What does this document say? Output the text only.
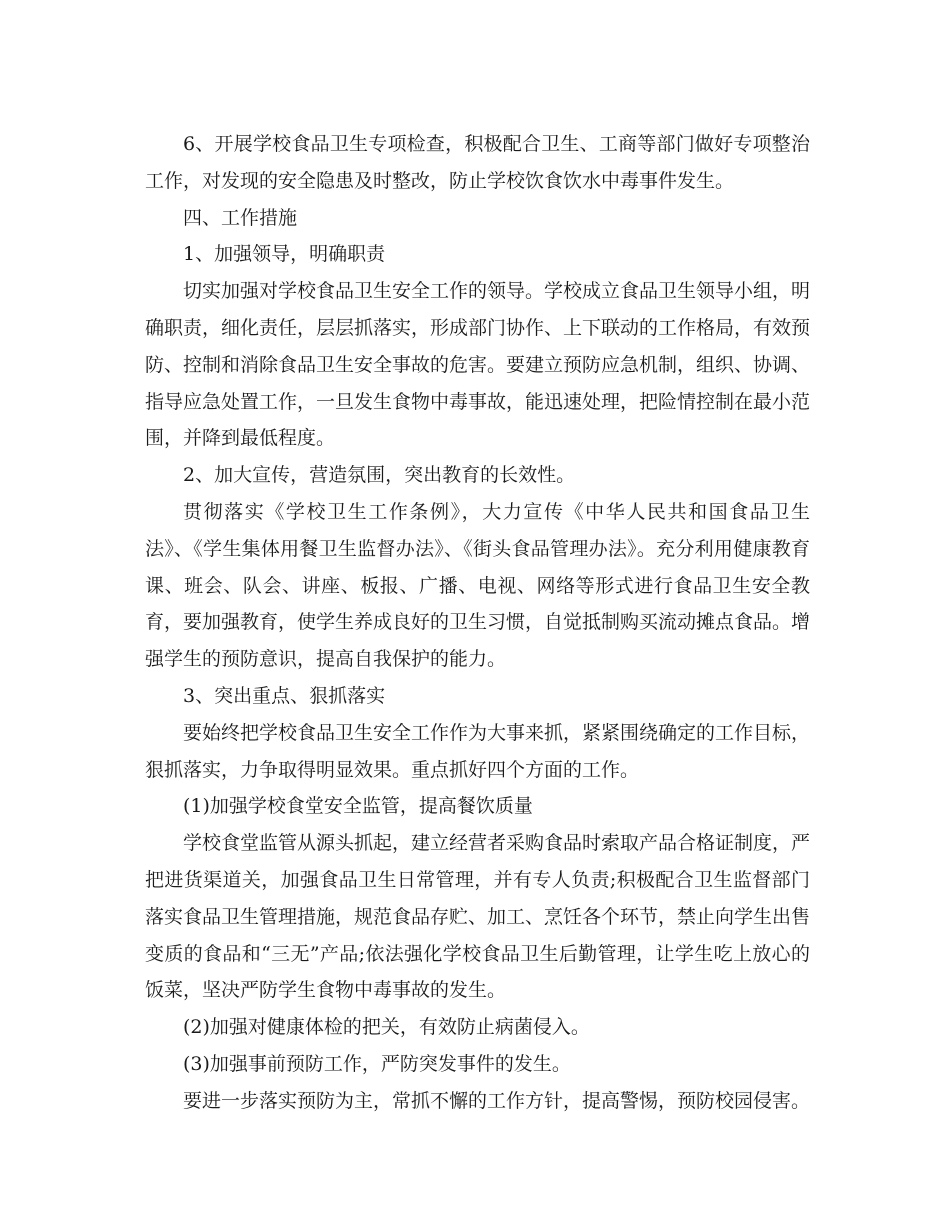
6、开展学校食品卫生专项检查，积极配合卫生、工商等部门做好专项整治工作，对发现的安全隐患及时整改，防止学校饮食饮水中毒事件发生。

四、工作措施

1、加强领导，明确职责

切实加强对学校食品卫生安全工作的领导。学校成立食品卫生领导小组，明确职责，细化责任，层层抓落实，形成部门协作、上下联动的工作格局，有效预防、控制和消除食品卫生安全事故的危害。要建立预防应急机制，组织、协调、指导应急处置工作，一旦发生食物中毒事故，能迅速处理，把险情控制在最小范围，并降到最低程度。

2、加大宣传，营造氛围，突出教育的长效性。

贯彻落实《学校卫生工作条例》，大力宣传《中华人民共和国食品卫生法》、《学生集体用餐卫生监督办法》、《街头食品管理办法》。充分利用健康教育课、班会、队会、讲座、板报、广播、电视、网络等形式进行食品卫生安全教育，要加强教育，使学生养成良好的卫生习惯，自觉抵制购买流动摊点食品。增强学生的预防意识，提高自我保护的能力。

3、突出重点、狠抓落实

要始终把学校食品卫生安全工作作为大事来抓，紧紧围绕确定的工作目标，狠抓落实，力争取得明显效果。重点抓好四个方面的工作。

(1)加强学校食堂安全监管，提高餐饮质量

学校食堂监管从源头抓起，建立经营者采购食品时索取产品合格证制度，严把进货渠道关，加强食品卫生日常管理，并有专人负责;积极配合卫生监督部门落实食品卫生管理措施，规范食品存贮、加工、烹饪各个环节，禁止向学生出售变质的食品和“三无”产品;依法强化学校食品卫生后勤管理，让学生吃上放心的饭菜，坚决严防学生食物中毒事故的发生。

(2)加强对健康体检的把关，有效防止病菌侵入。

(3)加强事前预防工作，严防突发事件的发生。

要进一步落实预防为主，常抓不懈的工作方针，提高警惕，预防校园侵害。
